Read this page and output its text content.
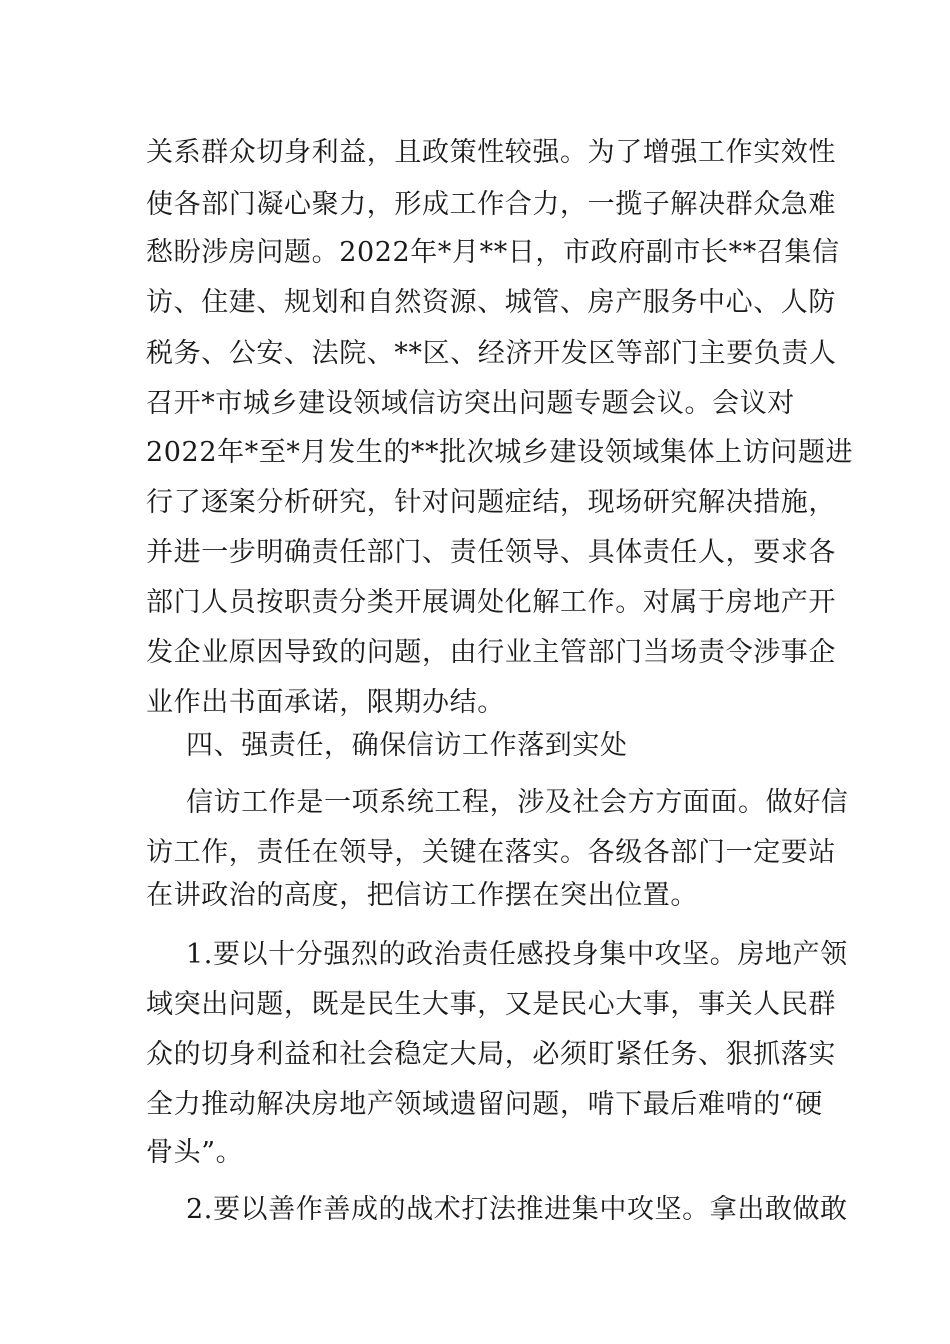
关系群众切身利益，且政策性较强。为了增强工作实效性
使各部门凝心聚力，形成工作合力，一揽子解决群众急难
愁盼涉房问题。2022年*月**日，市政府副市长**召集信
访、住建、规划和自然资源、城管、房产服务中心、人防
税务、公安、法院、**区、经济开发区等部门主要负责人
召开*市城乡建设领域信访突出问题专题会议。会议对
2022年*至*月发生的**批次城乡建设领域集体上访问题进
行了逐案分析研究，针对问题症结，现场研究解决措施，
并进一步明确责任部门、责任领导、具体责任人，要求各
部门人员按职责分类开展调处化解工作。对属于房地产开
发企业原因导致的问题，由行业主管部门当场责令涉事企
业作出书面承诺，限期办结。
四、强责任，确保信访工作落到实处
信访工作是一项系统工程，涉及社会方方面面。做好信
访工作，责任在领导，关键在落实。各级各部门一定要站
在讲政治的高度，把信访工作摆在突出位置。
1.要以十分强烈的政治责任感投身集中攻坚。房地产领
域突出问题，既是民生大事，又是民心大事，事关人民群
众的切身利益和社会稳定大局，必须盯紧任务、狠抓落实
全力推动解决房地产领域遗留问题，啃下最后难啃的“硬
骨头”。
2.要以善作善成的战术打法推进集中攻坚。拿出敢做敢
